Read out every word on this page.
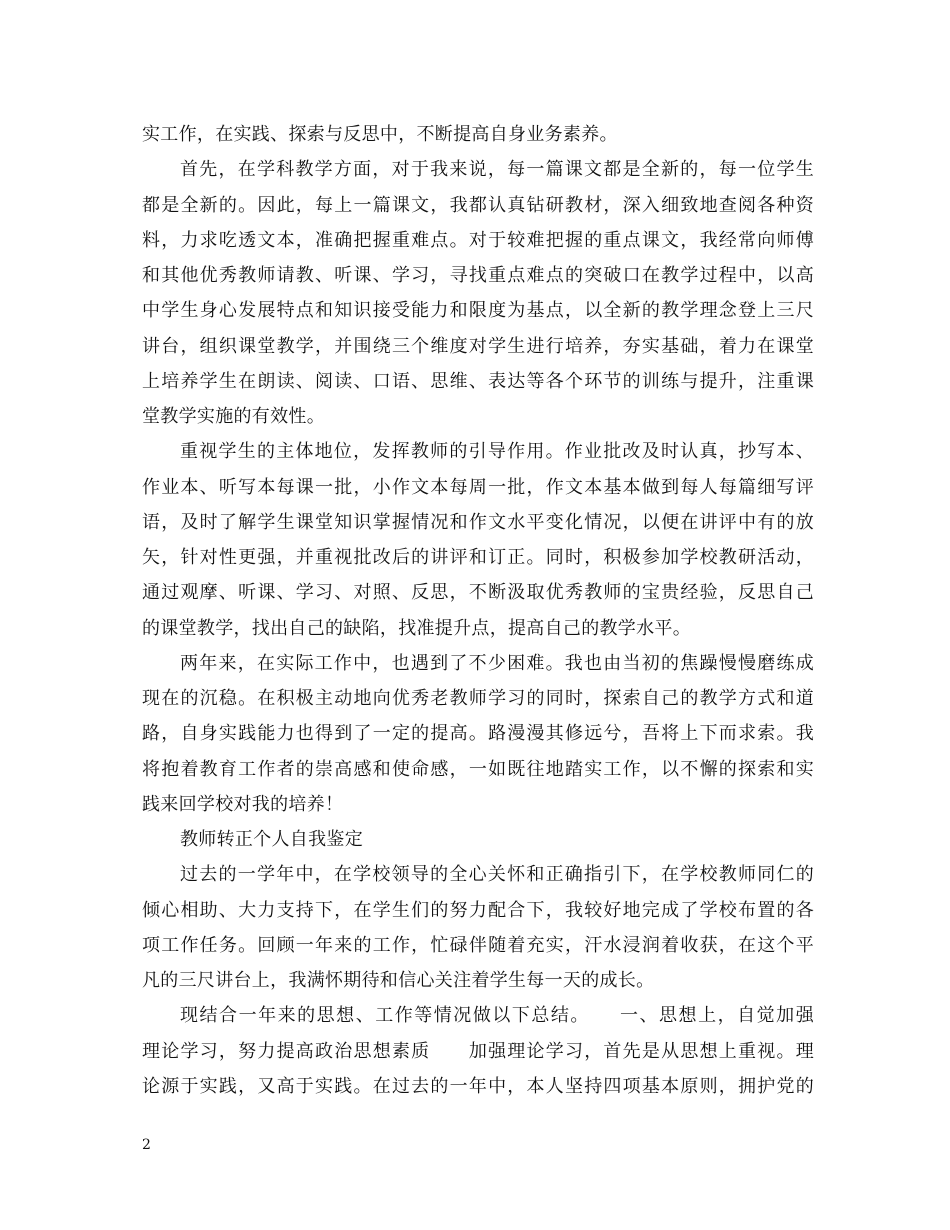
实工作，在实践、探索与反思中，不断提高自身业务素养。
首先，在学科教学方面，对于我来说，每一篇课文都是全新的，每一位学生
都是全新的。因此，每上一篇课文，我都认真钻研教材，深入细致地查阅各种资
料，力求吃透文本，准确把握重难点。对于较难把握的重点课文，我经常向师傅
和其他优秀教师请教、听课、学习，寻找重点难点的突破口在教学过程中，以高
中学生身心发展特点和知识接受能力和限度为基点，以全新的教学理念登上三尺
讲台，组织课堂教学，并围绕三个维度对学生进行培养，夯实基础，着力在课堂
上培养学生在朗读、阅读、口语、思维、表达等各个环节的训练与提升，注重课
堂教学实施的有效性。
重视学生的主体地位，发挥教师的引导作用。作业批改及时认真，抄写本、
作业本、听写本每课一批，小作文本每周一批，作文本基本做到每人每篇细写评
语，及时了解学生课堂知识掌握情况和作文水平变化情况，以便在讲评中有的放
矢，针对性更强，并重视批改后的讲评和订正。同时，积极参加学校教研活动，
通过观摩、听课、学习、对照、反思，不断汲取优秀教师的宝贵经验，反思自己
的课堂教学，找出自己的缺陷，找准提升点，提高自己的教学水平。
两年来，在实际工作中，也遇到了不少困难。我也由当初的焦躁慢慢磨练成
现在的沉稳。在积极主动地向优秀老教师学习的同时，探索自己的教学方式和道
路，自身实践能力也得到了一定的提高。路漫漫其修远兮，吾将上下而求索。我
将抱着教育工作者的崇高感和使命感，一如既往地踏实工作，以不懈的探索和实
践来回学校对我的培养！
教师转正个人自我鉴定
过去的一学年中，在学校领导的全心关怀和正确指引下，在学校教师同仁的
倾心相助、大力支持下，在学生们的努力配合下，我较好地完成了学校布置的各
项工作任务。回顾一年来的工作，忙碌伴随着充实，汗水浸润着收获，在这个平
凡的三尺讲台上，我满怀期待和信心关注着学生每一天的成长。
现结合一年来的思想、工作等情况做以下总结。　　一、思想上，自觉加强
理论学习，努力提高政治思想素质　　加强理论学习，首先是从思想上重视。理
论源于实践，又高于实践。在过去的一年中，本人坚持四项基本原则，拥护党的
2
